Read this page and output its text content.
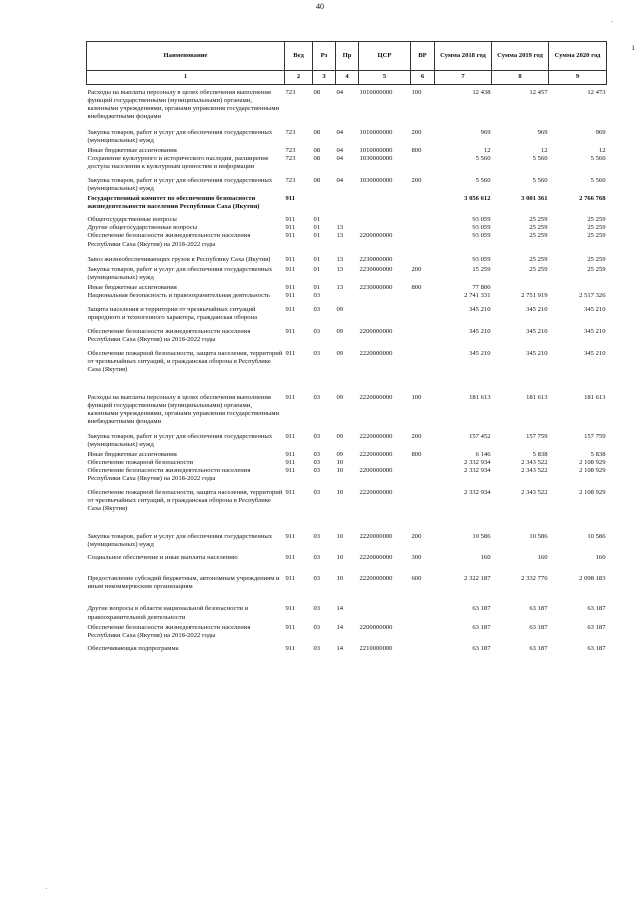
40
·
ı
·
Наименование	Вед	Рз	Пр	ЦСР	ВР	Сумма 2018 год	Сумма 2019 год	Сумма 2020 год
1	2	3	4	5	6	7	8	9
Расходы на выплаты персоналу в целях обеспечения выполнения функций государственными (муниципальными) органами, казенными учреждениями, органами управления государственными внебюджетными фондами	723	08	04	1010000000	100	12 438	12 457	12 473
Закупка товаров, работ и услуг для обеспечения государственных (муниципальных) нужд	723	08	04	1010000000	200	969	969	969
Иные бюджетные ассигнования	723	08	04	1010000000	800	12	12	12
Сохранение культурного и исторического наследия, расширение доступа населения к культурным ценностям и информации	723	08	04	1030000000		5 560	5 560	5 560
Закупка товаров, работ и услуг для обеспечения государственных (муниципальных) нужд	723	08	04	1030000000	200	5 560	5 560	5 560
Государственный комитет по обеспечению безопасности жизнедеятельности населения Республики Саха (Якутия)	911					3 056 612	3 001 361	2 766 768
Общегосударственные вопросы	911	01				93 059	25 259	25 259
Другие общегосударственные вопросы	911	01	13			93 059	25 259	25 259
Обеспечение безопасности жизнедеятельности населения Республики Саха (Якутия) на 2018-2022 годы	911	01	13	2200000000		93 059	25 259	25 259
Завоз жизнеобеспечивающих грузов в Республику Саха (Якутия)	911	01	13	2230000000		93 059	25 259	25 259
Закупка товаров, работ и услуг для обеспечения государственных (муниципальных) нужд	911	01	13	2230000000	200	15 259	25 259	25 259
Иные бюджетные ассигнования	911	01	13	2230000000	800	77 800		
Национальная безопасность и правоохранительная деятельность	911	03				2 741 331	2 751 919	2 517 326
Защита населения и территории от чрезвычайных ситуаций природного и техногенного характера, гражданская оборона	911	03	09			345 210	345 210	345 210
Обеспечение безопасности жизнедеятельности населения Республики Саха (Якутия) на 2018-2022 годы	911	03	09	2200000000		345 210	345 210	345 210
Обеспечение пожарной безопасности, защита населения, территорий от чрезвычайных ситуаций, и гражданская оборона в Республике Саха (Якутия)	911	03	09	2220000000		345 210	345 210	345 210
Расходы на выплаты персоналу в целях обеспечения выполнения функций государственными (муниципальными) органами, казенными учреждениями, органами управления государственными внебюджетными фондами	911	03	09	2220000000	100	181 613	181 613	181 613
Закупка товаров, работ и услуг для обеспечения государственных (муниципальных) нужд	911	03	09	2220000000	200	157 452	157 759	157 759
Иные бюджетные ассигнования	911	03	09	2220000000	800	6 146	5 838	5 838
Обеспечение пожарной безопасности	911	03	10			2 332 934	2 343 522	2 108 929
Обеспечение безопасности жизнедеятельности населения Республики Саха (Якутия) на 2018-2022 годы	911	03	10	2200000000		2 332 934	2 343 522	2 108 929
Обеспечение пожарной безопасности, защита населения, территорий от чрезвычайных ситуаций, и гражданская оборона в Республике Саха (Якутия)	911	03	10	2220000000		2 332 934	2 343 522	2 108 929
Закупка товаров, работ и услуг для обеспечения государственных (муниципальных) нужд	911	03	10	2220000000	200	10 586	10 586	10 586
Социальное обеспечение и иные выплаты населению	911	03	10	2220000000	300	160	160	160
Предоставление субсидий бюджетным, автономным учреждениям и иным некоммерческим организациям	911	03	10	2220000000	600	2 322 187	2 332 776	2 098 183
Другие вопросы в области национальной безопасности и правоохранительной деятельности	911	03	14			63 187	63 187	63 187
Обеспечение безопасности жизнедеятельности населения Республики Саха (Якутия) на 2018-2022 годы	911	03	14	2200000000		63 187	63 187	63 187
Обеспечивающая подпрограмма	911	03	14	2210000000		63 187	63 187	63 187
